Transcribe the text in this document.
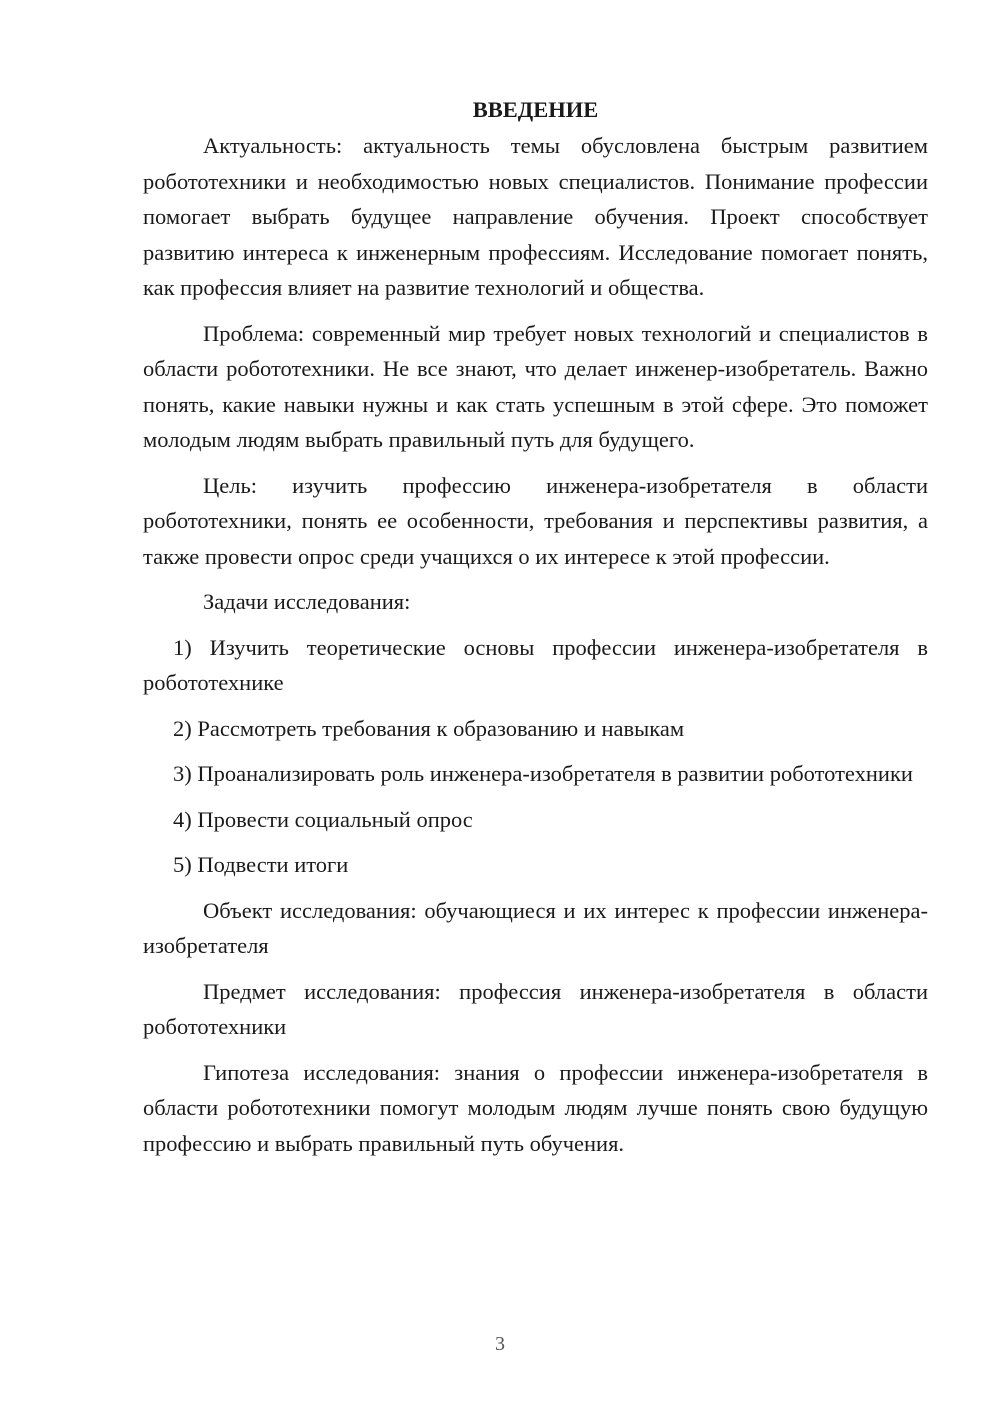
ВВЕДЕНИЕ

Актуальность: актуальность темы обусловлена быстрым развитием робототехники и необходимостью новых специалистов. Понимание профессии помогает выбрать будущее направление обучения. Проект способствует развитию интереса к инженерным профессиям. Исследование помогает понять, как профессия влияет на развитие технологий и общества.

Проблема: современный мир требует новых технологий и специалистов в области робототехники. Не все знают, что делает инженер-изобретатель. Важно понять, какие навыки нужны и как стать успешным в этой сфере. Это поможет молодым людям выбрать правильный путь для будущего.

Цель: изучить профессию инженера-изобретателя в области робототехники, понять ее особенности, требования и перспективы развития, а также провести опрос среди учащихся о их интересе к этой профессии.

Задачи исследования:

1) Изучить теоретические основы профессии инженера-изобретателя в робототехнике

2) Рассмотреть требования к образованию и навыкам

3) Проанализировать роль инженера-изобретателя в развитии робототехники

4) Провести социальный опрос

5) Подвести итоги

Объект исследования: обучающиеся и их интерес к профессии инженера-изобретателя

Предмет исследования: профессия инженера-изобретателя в области робототехники

Гипотеза исследования: знания о профессии инженера-изобретателя в области робототехники помогут молодым людям лучше понять свою будущую профессию и выбрать правильный путь обучения.

3
